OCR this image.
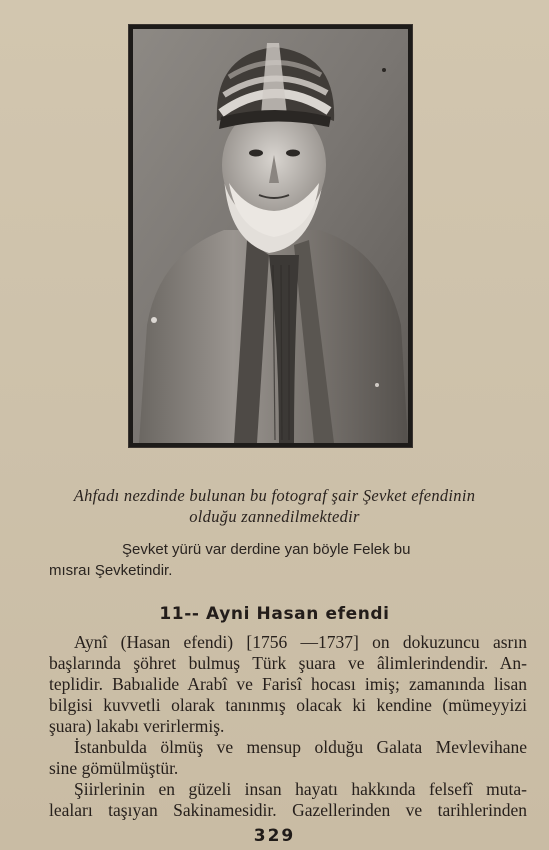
Ahfadı nezdinde bulunan bu fotograf şair Şevket efendinin
olduğu zannedilmektedir
Şevket yürü var derdine yan böyle Felek bu
mısraı Şevketindir.
11-- Ayni Hasan efendi
Aynî (Hasan efendi) [1756 —1737] on dokuzuncu asrın
başlarında şöhret bulmuş Türk şuara ve âlimlerindendir. An-
teplidir. Babıalide Arabî ve Farisî hocası imiş; zamanında lisan
bilgisi kuvvetli olarak tanınmış olacak ki kendine (mümeyyizi
şuara) lakabı verirlermiş.
İstanbulda ölmüş ve mensup olduğu Galata Mevlevihane
sine gömülmüştür.
Şiirlerinin en güzeli insan hayatı hakkında felsefî muta-
leaları taşıyan Sakinamesidir. Gazellerinden ve tarihlerinden
329
